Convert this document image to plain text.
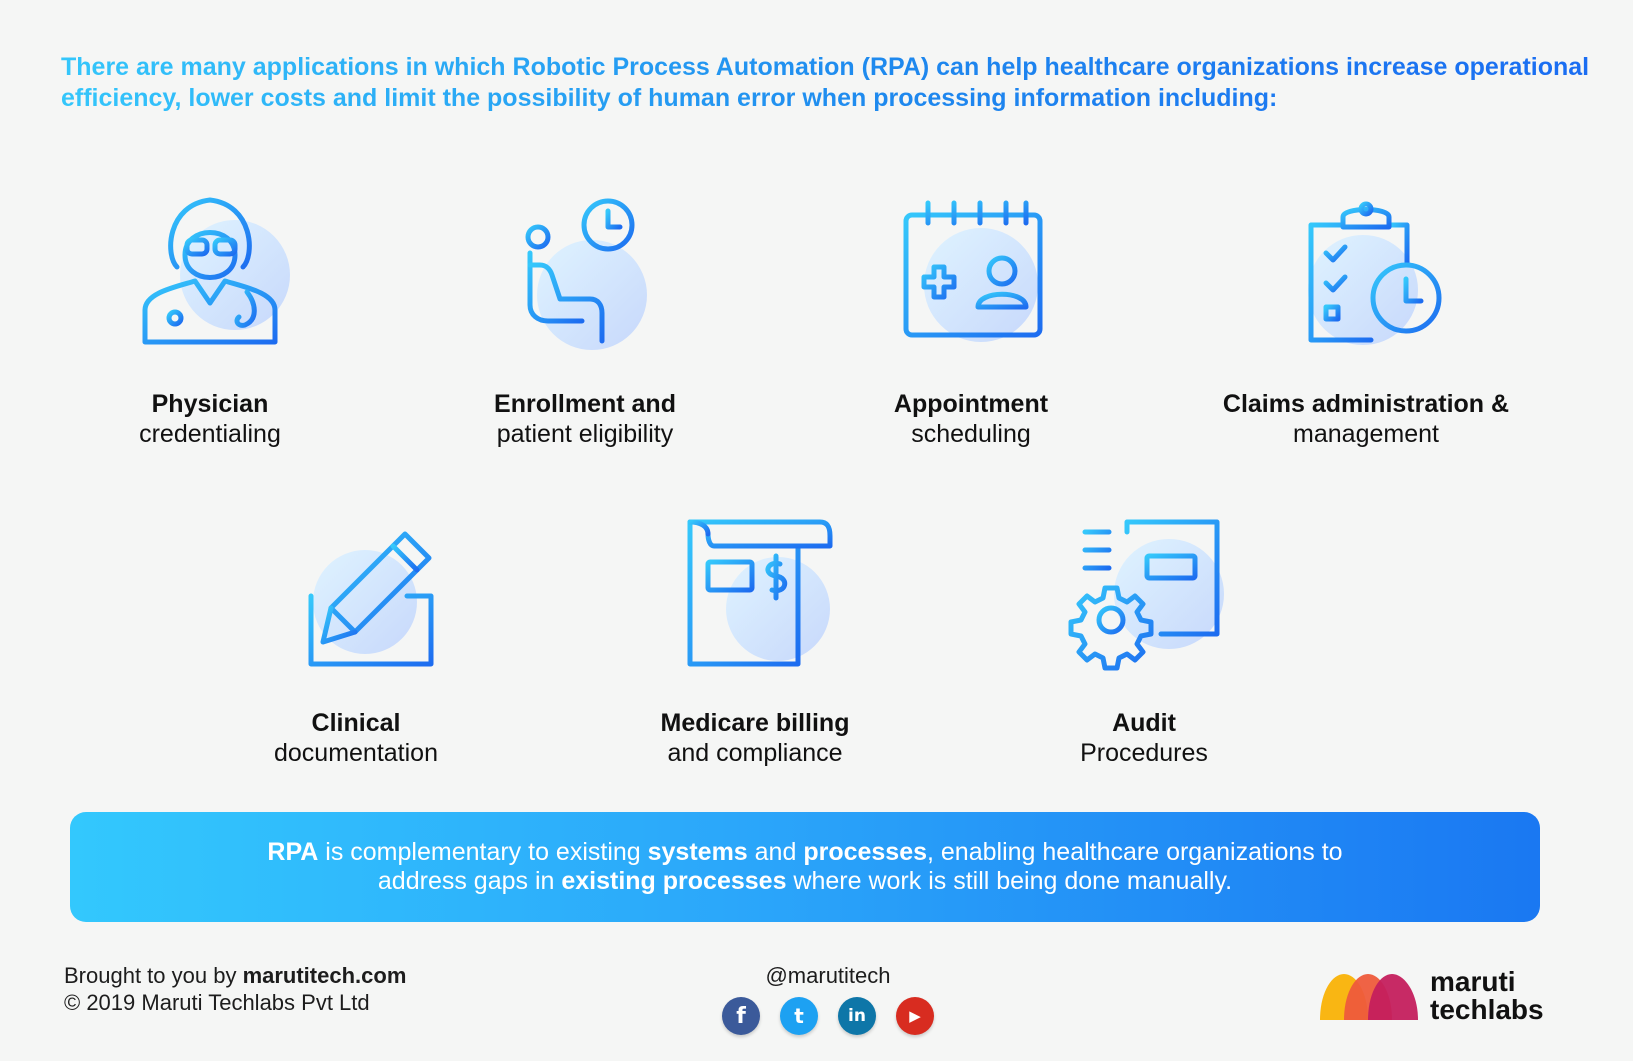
There are many applications in which Robotic Process Automation (RPA) can help healthcare organizations increase operational efficiency, lower costs and limit the possibility of human error when processing information including:

Physician
credentialing
Enrollment and
patient eligibility
Appointment
scheduling
Claims administration &
management
Clinical
documentation
Medicare billing
and compliance
Audit
Procedures
RPA is complementary to existing systems and processes, enabling healthcare organizations to
address gaps in existing processes where work is still being done manually.
Brought to you by marutitech.com
© 2019 Maruti Techlabs Pvt Ltd
@marutitech
f	t	in	▶
maruti
techlabs
